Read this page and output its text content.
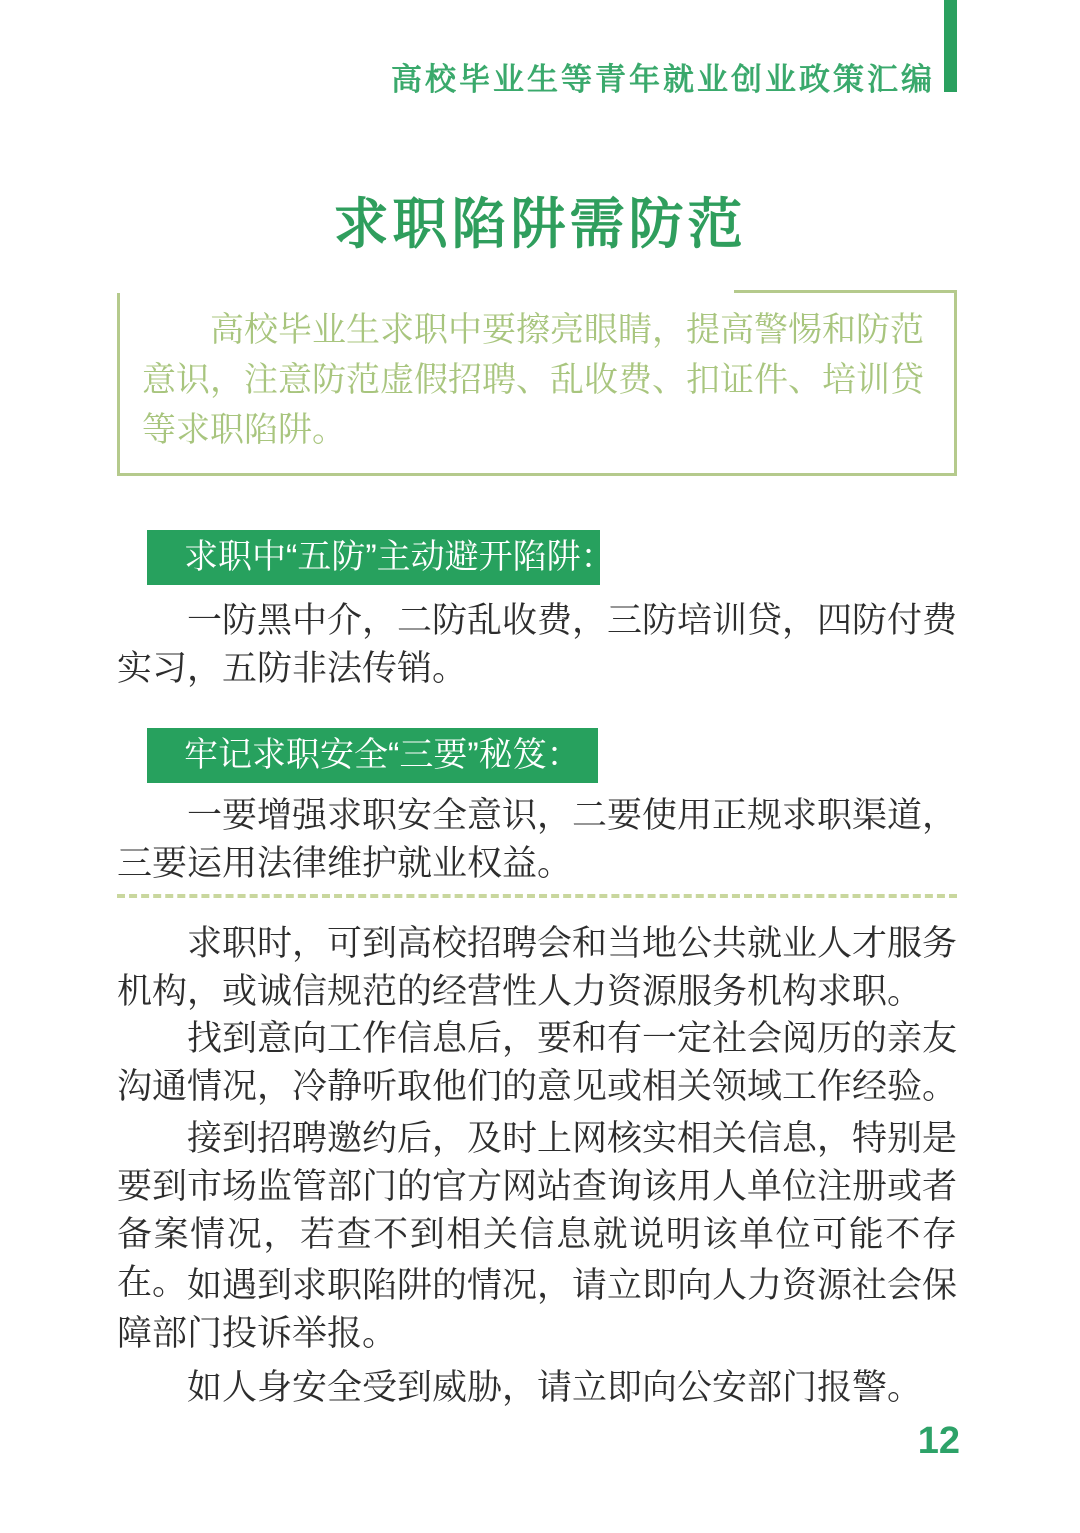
高校毕业生等青年就业创业政策汇编
求职陷阱需防范

高校毕业生求职中要擦亮眼睛，提高警惕和防范意识，注意防范虚假招聘、乱收费、扣证件、培训贷等求职陷阱。

求职中“五防”主动避开陷阱：

一防黑中介，二防乱收费，三防培训贷，四防付费实习，五防非法传销。

牢记求职安全“三要”秘笈：

一要增强求职安全意识，二要使用正规求职渠道，三要运用法律维护就业权益。

求职时，可到高校招聘会和当地公共就业人才服务机构，或诚信规范的经营性人力资源服务机构求职。

找到意向工作信息后，要和有一定社会阅历的亲友沟通情况，冷静听取他们的意见或相关领域工作经验。

接到招聘邀约后，及时上网核实相关信息，特别是要到市场监管部门的官方网站查询该用人单位注册或者备案情况，若查不到相关信息就说明该单位可能不存在。 如遇到求职陷阱的情况，请立即向人力资源社会保障部门投诉举报。

如人身安全受到威胁，请立即向公安部门报警。

12
